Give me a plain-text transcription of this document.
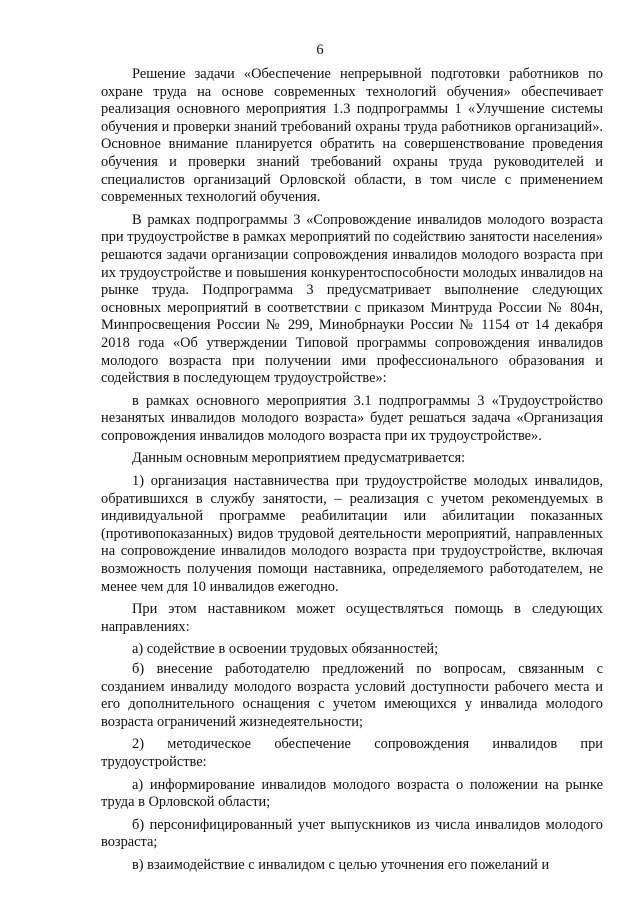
6

Решение задачи «Обеспечение непрерывной подготовки работников по охране труда на основе современных технологий обучения» обеспечивает реализация основного мероприятия 1.3 подпрограммы 1 «Улучшение системы обучения и проверки знаний требований охраны труда работников организаций». Основное внимание планируется обратить на совершенствование проведения обучения и проверки знаний требований охраны труда руководителей и специалистов организаций Орловской области, в том числе с применением современных технологий обучения.

В рамках подпрограммы 3 «Сопровождение инвалидов молодого возраста при трудоустройстве в рамках мероприятий по содействию занятости населения» решаются задачи организации сопровождения инвалидов молодого возраста при их трудоустройстве и повышения конкурентоспособности молодых инвалидов на рынке труда. Подпрограмма 3 предусматривает выполнение следующих основных мероприятий в соответствии с приказом Минтруда России № 804н, Минпросвещения России № 299, Минобрнауки России № 1154 от 14 декабря 2018 года «Об утверждении Типовой программы сопровождения инвалидов молодого возраста при получении ими профессионального образования и содействия в последующем трудоустройстве»:

в рамках основного мероприятия 3.1 подпрограммы 3 «Трудоустройство незанятых инвалидов молодого возраста» будет решаться задача «Организация сопровождения инвалидов молодого возраста при их трудоустройстве».

Данным основным мероприятием предусматривается:

1) организация наставничества при трудоустройстве молодых инвалидов, обратившихся в службу занятости, – реализация с учетом рекомендуемых в индивидуальной программе реабилитации или абилитации показанных (противопоказанных) видов трудовой деятельности мероприятий, направленных на сопровождение инвалидов молодого возраста при трудоустройстве, включая возможность получения помощи наставника, определяемого работодателем, не менее чем для 10 инвалидов ежегодно.

При этом наставником может осуществляться помощь в следующих направлениях:

а) содействие в освоении трудовых обязанностей;

б) внесение работодателю предложений по вопросам, связанным с созданием инвалиду молодого возраста условий доступности рабочего места и его дополнительного оснащения с учетом имеющихся у инвалида молодого возраста ограничений жизнедеятельности;

2) методическое обеспечение сопровождения инвалидов при трудоустройстве:

а) информирование инвалидов молодого возраста о положении на рынке труда в Орловской области;

б) персонифицированный учет выпускников из числа инвалидов молодого возраста;

в) взаимодействие с инвалидом с целью уточнения его пожеланий и
